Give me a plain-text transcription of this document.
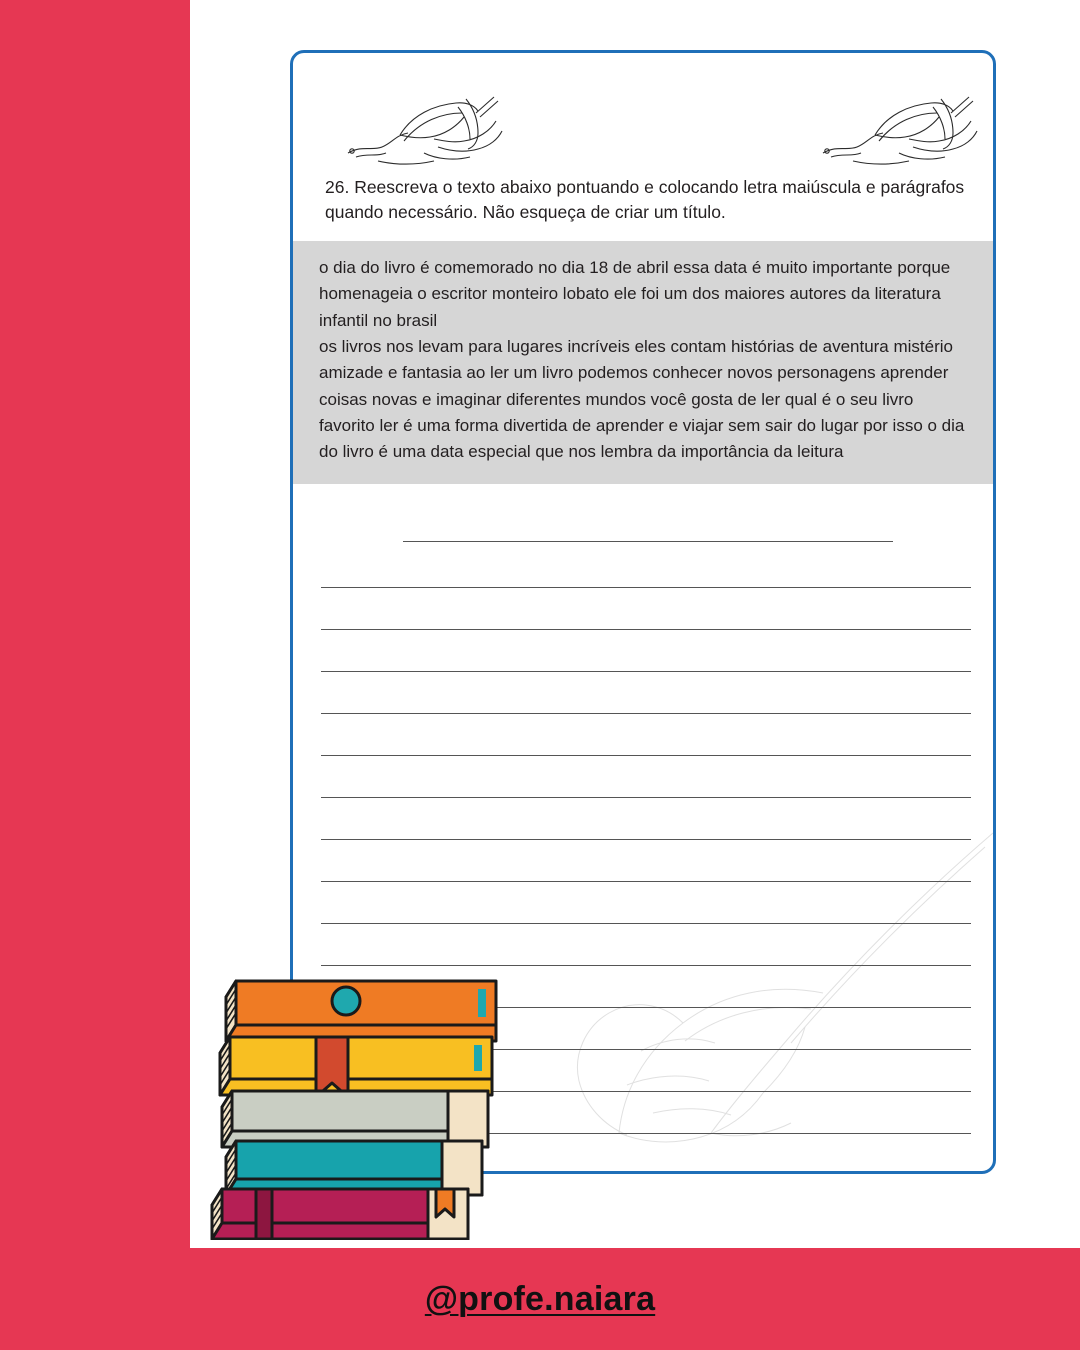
26. Reescreva o texto abaixo pontuando e colocando letra maiúscula e parágrafos quando necessário. Não esqueça de criar um título.

o dia do livro é comemorado no dia 18 de abril essa data é muito importante porque homenageia o escritor monteiro lobato ele foi um dos maiores autores da literatura infantil no brasil

os livros nos levam para lugares incríveis eles contam histórias de aventura mistério amizade e fantasia ao ler um livro podemos conhecer novos personagens aprender coisas novas e imaginar diferentes mundos você gosta de ler qual é o seu livro favorito ler é uma forma divertida de aprender e viajar sem sair do lugar por isso o dia do livro é uma data especial que nos lembra da importância da leitura

@profe.naiara
